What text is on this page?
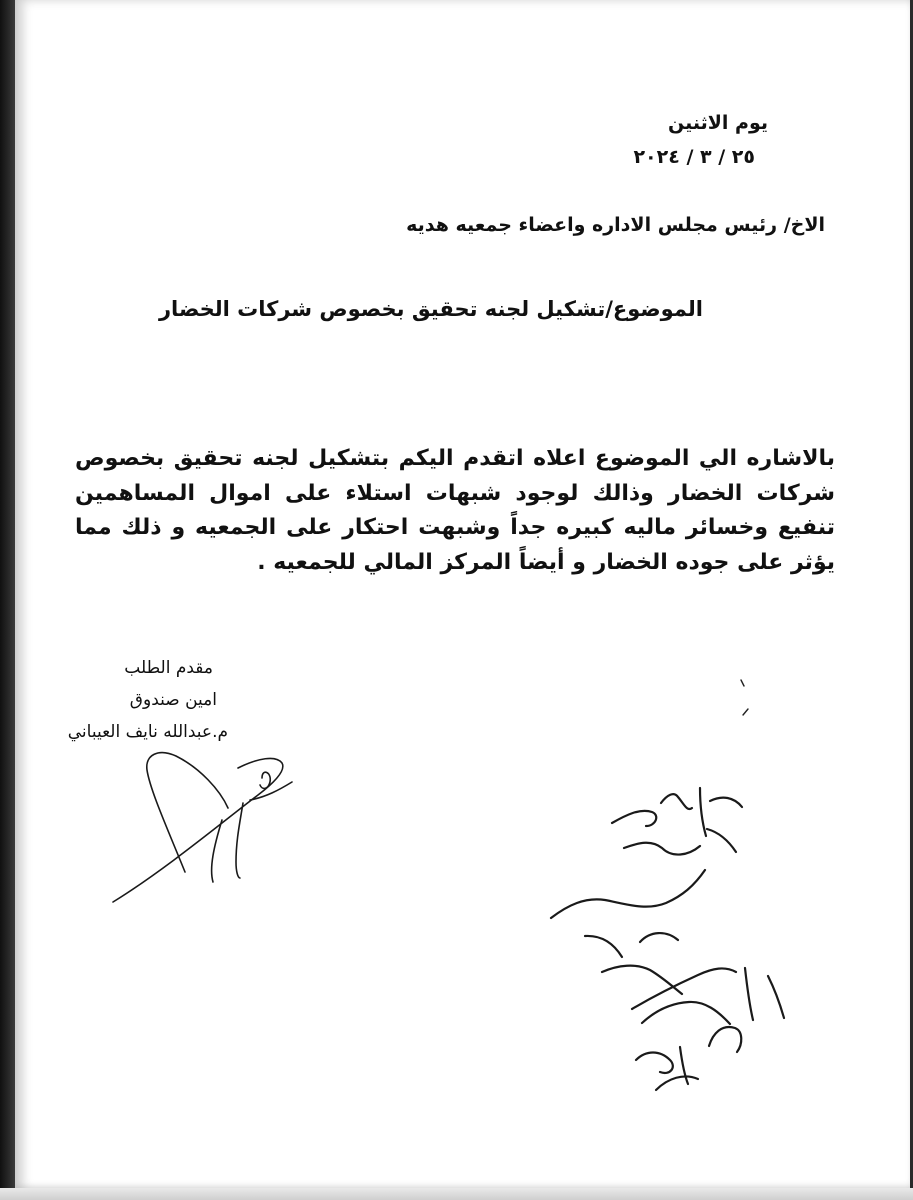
يوم الاثنين
٢٥ / ٣ / ٢٠٢٤
الاخ/ رئيس مجلس الاداره واعضاء جمعيه هديه
الموضوع/تشكيل لجنه تحقيق بخصوص شركات الخضار
بالاشاره الي الموضوع اعلاه اتقدم اليكم بتشكيل لجنه تحقيق بخصوص شركات الخضار وذالك لوجود شبهات استلاء على اموال المساهمين تنفيع وخسائر ماليه كبيره جداً وشبهت احتكار على الجمعيه و ذلك مما يؤثر على جوده الخضار و أيضاً المركز المالي للجمعيه .
مقدم الطلب
امين صندوق
م.عبدالله نايف العيباني
